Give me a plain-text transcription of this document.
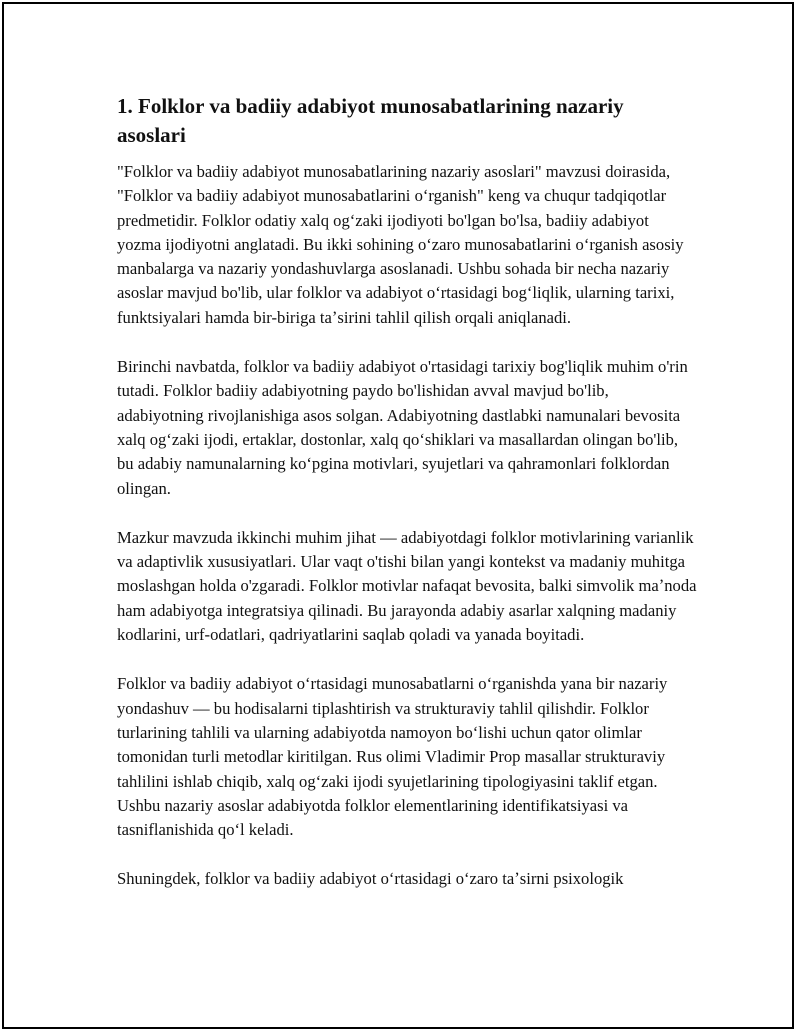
1. Folklor va badiiy adabiyot munosabatlarining nazariy asoslari

"Folklor va badiiy adabiyot munosabatlarining nazariy asoslari" mavzusi doirasida, "Folklor va badiiy adabiyot munosabatlarini oʻrganish" keng va chuqur tadqiqotlar predmetidir. Folklor odatiy xalq ogʻzaki ijodiyoti bo'lgan bo'lsa, badiiy adabiyot yozma ijodiyotni anglatadi. Bu ikki sohining oʻzaro munosabatlarini oʻrganish asosiy manbalarga va nazariy yondashuvlarga asoslanadi. Ushbu sohada bir necha nazariy asoslar mavjud bo'lib, ular folklor va adabiyot oʻrtasidagi bogʻliqlik, ularning tarixi, funktsiyalari hamda bir-biriga taʼsirini tahlil qilish orqali aniqlanadi.

Birinchi navbatda, folklor va badiiy adabiyot o'rtasidagi tarixiy bog'liqlik muhim o'rin tutadi. Folklor badiiy adabiyotning paydo bo'lishidan avval mavjud bo'lib, adabiyotning rivojlanishiga asos solgan. Adabiyotning dastlabki namunalari bevosita xalq ogʻzaki ijodi, ertaklar, dostonlar, xalq qoʻshiklari va masallardan olingan bo'lib, bu adabiy namunalarning koʻpgina motivlari, syujetlari va qahramonlari folklordan olingan.

Mazkur mavzuda ikkinchi muhim jihat — adabiyotdagi folklor motivlarining varianlik va adaptivlik xususiyatlari. Ular vaqt o'tishi bilan yangi kontekst va madaniy muhitga moslashgan holda o'zgaradi. Folklor motivlar nafaqat bevosita, balki simvolik maʼnoda ham adabiyotga integratsiya qilinadi. Bu jarayonda adabiy asarlar xalqning madaniy kodlarini, urf-odatlari, qadriyatlarini saqlab qoladi va yanada boyitadi.

Folklor va badiiy adabiyot oʻrtasidagi munosabatlarni oʻrganishda yana bir nazariy yondashuv — bu hodisalarni tiplashtirish va strukturaviy tahlil qilishdir. Folklor turlarining tahlili va ularning adabiyotda namoyon boʻlishi uchun qator olimlar tomonidan turli metodlar kiritilgan. Rus olimi Vladimir Prop masallar strukturaviy tahlilini ishlab chiqib, xalq ogʻzaki ijodi syujetlarining tipologiyasini taklif etgan. Ushbu nazariy asoslar adabiyotda folklor elementlarining identifikatsiyasi va tasniflanishida qoʻl keladi.

Shuningdek, folklor va badiiy adabiyot oʻrtasidagi oʻzaro taʼsirni psixologik
